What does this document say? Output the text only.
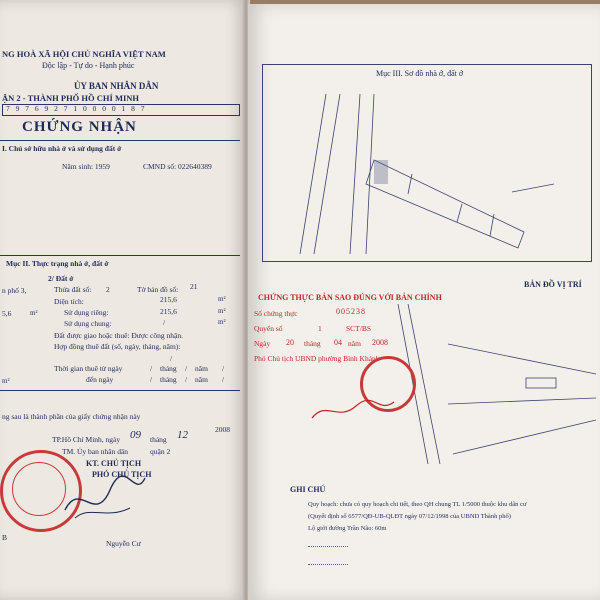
NG HOÀ XÃ HỘI CHỦ NGHĨA VIỆT NAM
Độc lập - Tự do - Hạnh phúc
ỦY BAN NHÂN DÂN
ẬN 2 - THÀNH PHỐ HỒ CHÍ MINH
7 9 7 6 9 2 7 1 0 0 0 0 1 8 7
CHỨNG NHẬN
I. Chủ sở hữu nhà ở và sử dụng đất ở
Năm sinh: 1959	CMND số: 022640389
Mục II. Thực trạng nhà ở, đất ở
2/ Đất ở
n phố 3,	Thửa đất số: 2	Tờ bản đồ số: 21
Diện tích:	215,6	m²
5,6	m²	Sử dụng riêng:	215,6	m²
Sử dụng chung:	/	m²
Đất được giao hoặc thuê: Được công nhận.
Hợp đồng thuê đất (số, ngày, tháng, năm):
/
Thời gian thuê từ ngày	/ tháng / năm /
m²	đến ngày	/ tháng / năm /
ng sau là thành phần của giấy chứng nhận này
TP.Hồ Chí Minh, ngày 09 tháng 12	2008
TM. Ủy ban nhân dân	quận 2
KT. CHỦ TỊCH
PHÓ CHỦ TỊCH
Nguyễn Cư
B
Mục III. Sơ đồ nhà ở, đất ở
CHỨNG THỰC BẢN SAO ĐÚNG VỚI BẢN CHÍNH
Số chứng thực	005238
Quyển số	1	SCT/BS
Ngày 20 tháng 04 năm 2008
Phó Chủ tịch UBND phường Bình Khánh
BẢN ĐỒ VỊ TRÍ
GHI CHÚ
Quy hoạch: chưa có quy hoạch chi tiết, theo QH chung TL 1/5000 thuộc khu dân cư
(Quyết định số 6577/QĐ-UB-QLĐT ngày 07/12/1998 của UBND Thành phố)
Lộ giới đường Trần Não: 60m
